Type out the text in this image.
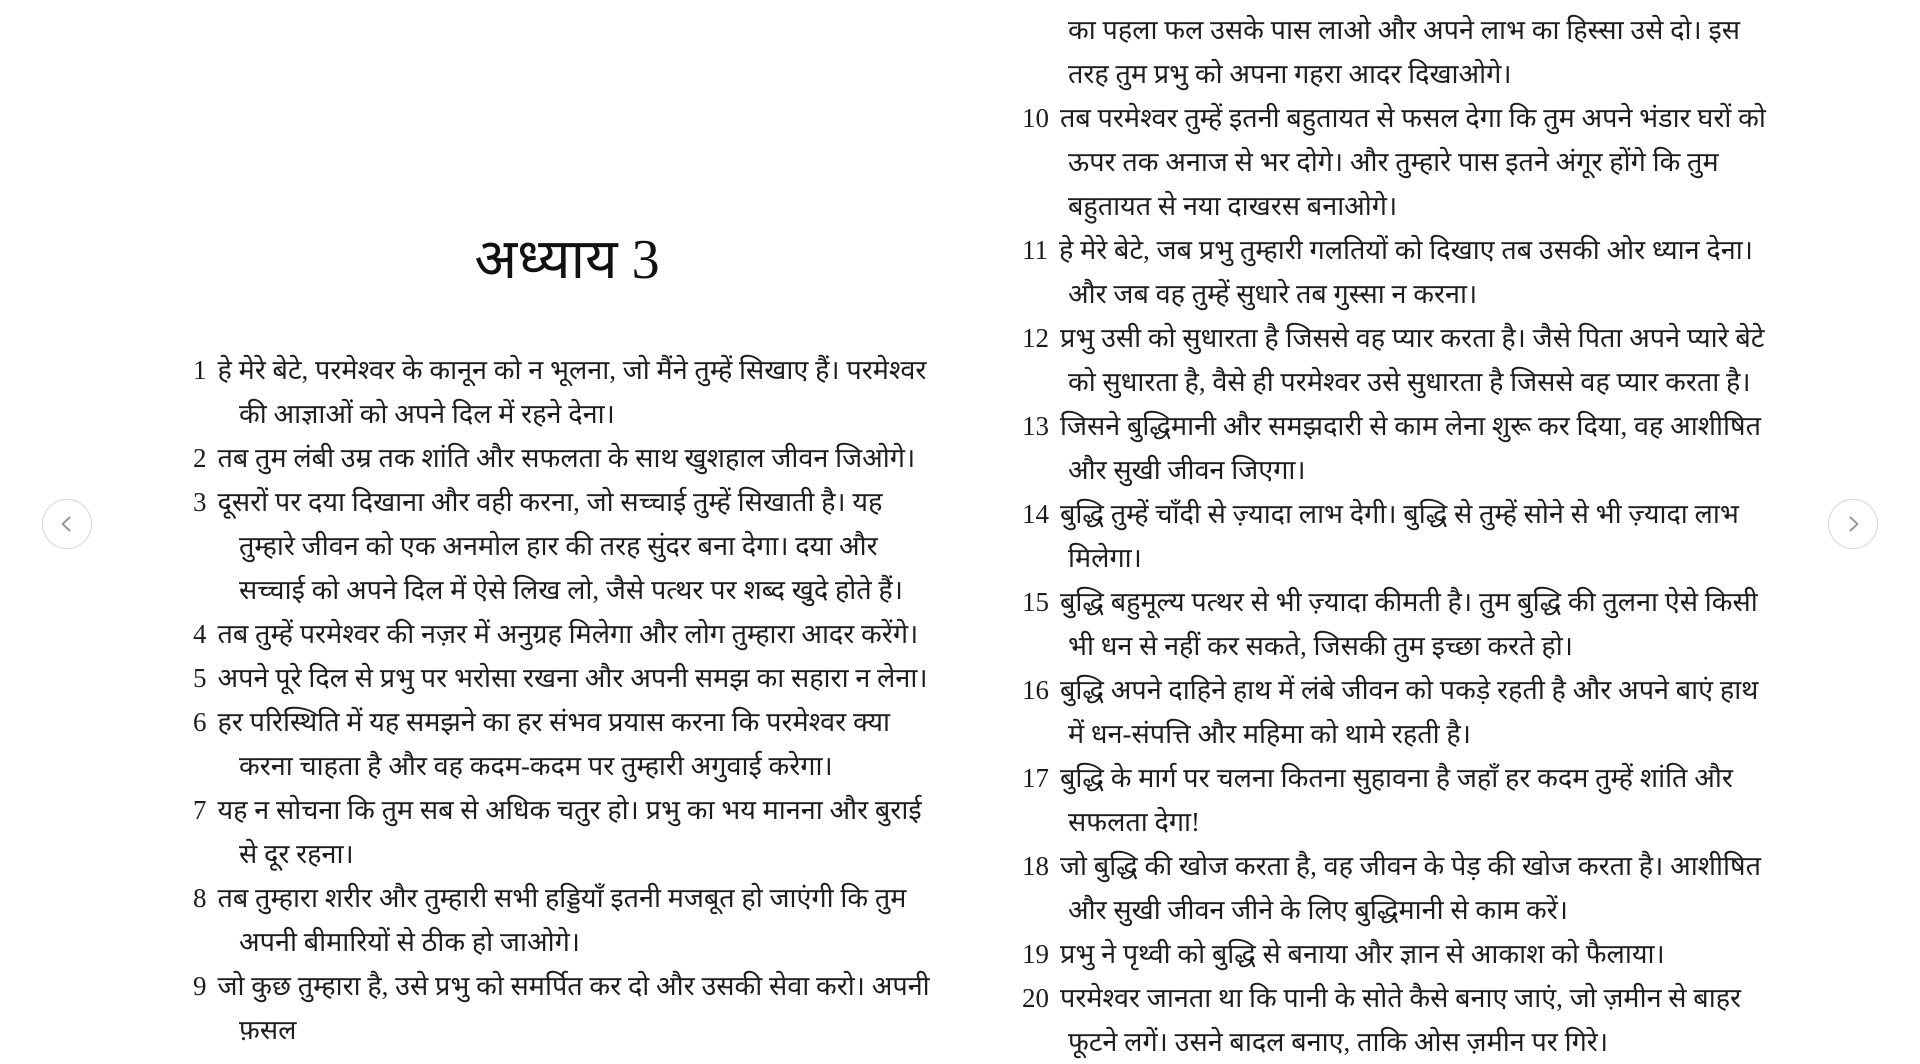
अध्याय 3
1 हे मेरे बेटे, परमेश्वर के कानून को न भूलना, जो मैंने तुम्हें सिखाए हैं। परमेश्वर की आज्ञाओं को अपने दिल में रहने देना।
2 तब तुम लंबी उम्र तक शांति और सफलता के साथ खुशहाल जीवन जिओगे।
3 दूसरों पर दया दिखाना और वही करना, जो सच्चाई तुम्हें सिखाती है। यह तुम्हारे जीवन को एक अनमोल हार की तरह सुंदर बना देगा। दया और सच्चाई को अपने दिल में ऐसे लिख लो, जैसे पत्थर पर शब्द खुदे होते हैं।
4 तब तुम्हें परमेश्वर की नज़र में अनुग्रह मिलेगा और लोग तुम्हारा आदर करेंगे।
5 अपने पूरे दिल से प्रभु पर भरोसा रखना और अपनी समझ का सहारा न लेना।
6 हर परिस्थिति में यह समझने का हर संभव प्रयास करना कि परमेश्वर क्या करना चाहता है और वह कदम-कदम पर तुम्हारी अगुवाई करेगा।
7 यह न सोचना कि तुम सब से अधिक चतुर हो। प्रभु का भय मानना और बुराई से दूर रहना।
8 तब तुम्हारा शरीर और तुम्हारी सभी हड्डियाँ इतनी मजबूत हो जाएंगी कि तुम अपनी बीमारियों से ठीक हो जाओगे।
9 जो कुछ तुम्हारा है, उसे प्रभु को समर्पित कर दो और उसकी सेवा करो। अपनी फ़सल
का पहला फल उसके पास लाओ और अपने लाभ का हिस्सा उसे दो। इस तरह तुम प्रभु को अपना गहरा आदर दिखाओगे।
10 तब परमेश्वर तुम्हें इतनी बहुतायत से फसल देगा कि तुम अपने भंडार घरों को ऊपर तक अनाज से भर दोगे। और तुम्हारे पास इतने अंगूर होंगे कि तुम बहुतायत से नया दाखरस बनाओगे।
11 हे मेरे बेटे, जब प्रभु तुम्हारी गलतियों को दिखाए तब उसकी ओर ध्यान देना। और जब वह तुम्हें सुधारे तब गुस्सा न करना।
12 प्रभु उसी को सुधारता है जिससे वह प्यार करता है। जैसे पिता अपने प्यारे बेटे को सुधारता है, वैसे ही परमेश्वर उसे सुधारता है जिससे वह प्यार करता है।
13 जिसने बुद्धिमानी और समझदारी से काम लेना शुरू कर दिया, वह आशीषित और सुखी जीवन जिएगा।
14 बुद्धि तुम्हें चाँदी से ज़्यादा लाभ देगी। बुद्धि से तुम्हें सोने से भी ज़्यादा लाभ मिलेगा।
15 बुद्धि बहुमूल्य पत्थर से भी ज़्यादा कीमती है। तुम बुद्धि की तुलना ऐसे किसी भी धन से नहीं कर सकते, जिसकी तुम इच्छा करते हो।
16 बुद्धि अपने दाहिने हाथ में लंबे जीवन को पकड़े रहती है और अपने बाएं हाथ में धन-संपत्ति और महिमा को थामे रहती है।
17 बुद्धि के मार्ग पर चलना कितना सुहावना है जहाँ हर कदम तुम्हें शांति और सफलता देगा!
18 जो बुद्धि की खोज करता है, वह जीवन के पेड़ की खोज करता है। आशीषित और सुखी जीवन जीने के लिए बुद्धिमानी से काम करें।
19 प्रभु ने पृथ्वी को बुद्धि से बनाया और ज्ञान से आकाश को फैलाया।
20 परमेश्वर जानता था कि पानी के सोते कैसे बनाए जाएं, जो ज़मीन से बाहर फूटने लगें। उसने बादल बनाए, ताकि ओस ज़मीन पर गिरे।
